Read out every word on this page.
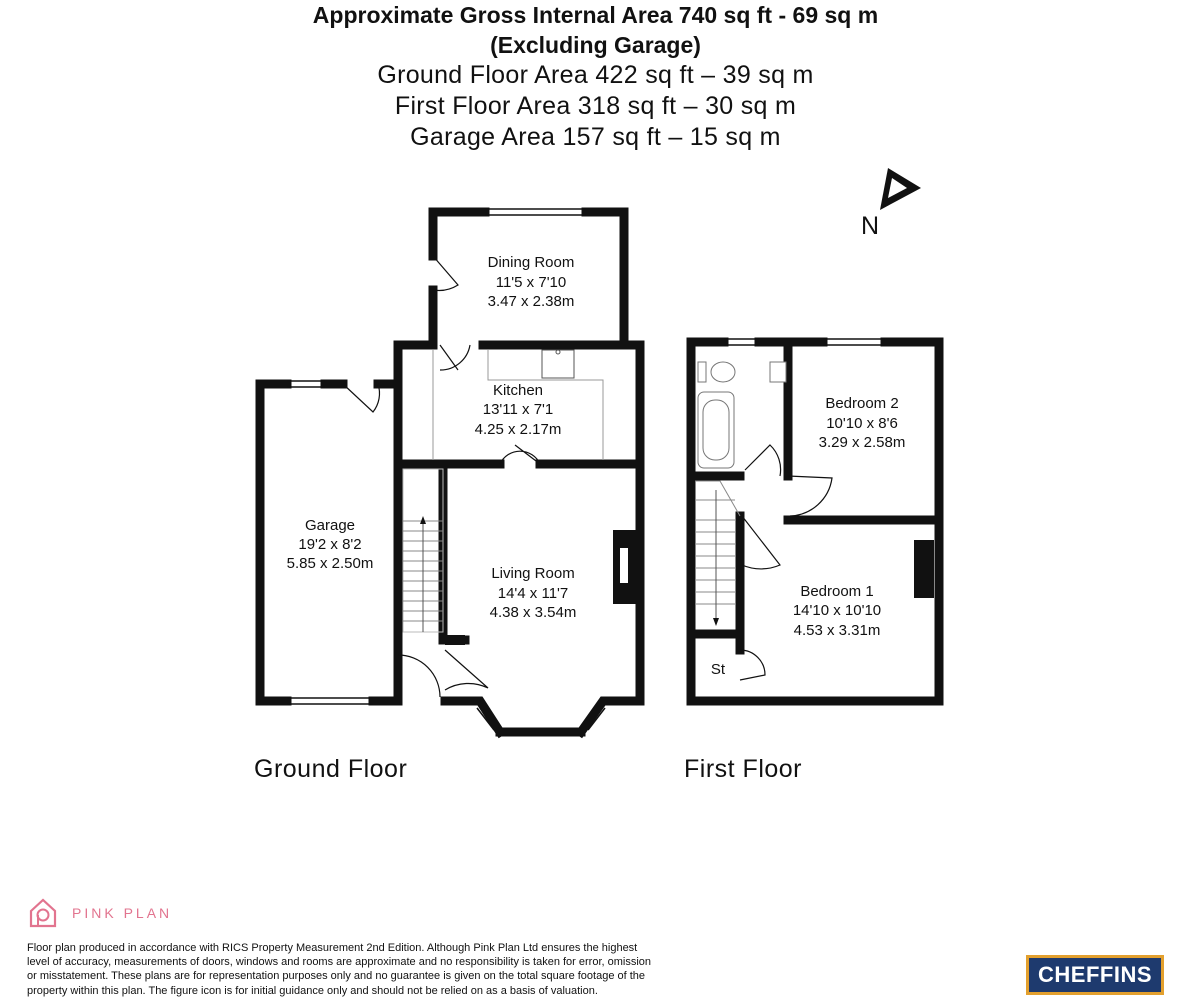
Approximate Gross Internal Area 740 sq ft - 69 sq m
(Excluding Garage)
Ground Floor Area 422 sq ft – 39 sq m
First Floor Area 318 sq ft – 30 sq m
Garage Area 157 sq ft – 15 sq m
N
Dining Room
11'5 x 7'10
3.47 x 2.38m
Kitchen
13'11 x 7'1
4.25 x 2.17m
Garage
19'2 x 8'2
5.85 x 2.50m
Living Room
14'4 x 11'7
4.38 x 3.54m
Bedroom 2
10'10 x 8'6
3.29 x 2.58m
Bedroom 1
14'10 x 10'10
4.53 x 3.31m
St
Ground Floor	First Floor
PINK PLAN
Floor plan produced in accordance with RICS Property Measurement 2nd Edition. Although Pink Plan Ltd ensures the highest
level of accuracy, measurements of doors, windows and rooms are approximate and no responsibility is taken for error, omission
or misstatement. These plans are for representation purposes only and no guarantee is given on the total square footage of the
property within this plan. The figure icon is for initial guidance only and should not be relied on as a basis of valuation.
CHEFFINS
